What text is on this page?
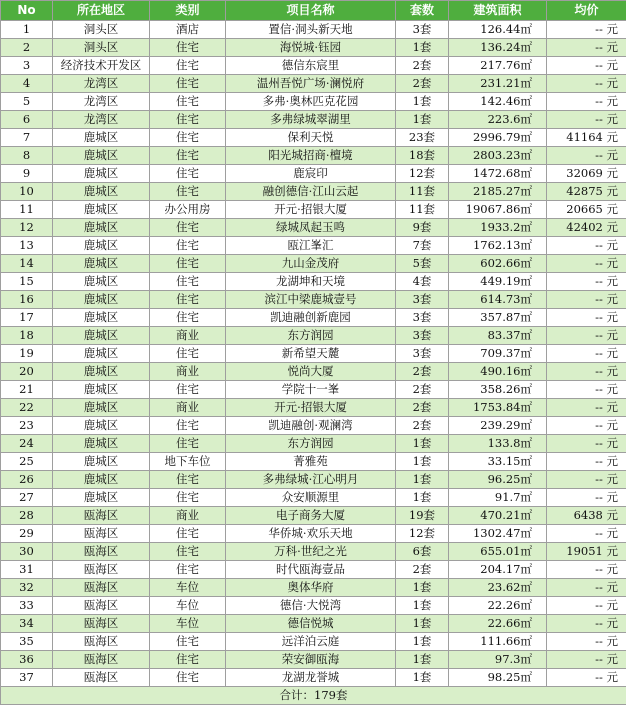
No	所在地区	类别	项目名称	套数	建筑面积	均价
1	洞头区	酒店	置信·洞头新天地	3套	126.44㎡	-- 元
2	洞头区	住宅	海悦城·钰园	1套	136.24㎡	-- 元
3	经济技术开发区	住宅	德信东宸里	2套	217.76㎡	-- 元
4	龙湾区	住宅	温州吾悦广场·澜悦府	2套	231.21㎡	-- 元
5	龙湾区	住宅	多弗·奥林匹克花园	1套	142.46㎡	-- 元
6	龙湾区	住宅	多弗绿城翠湖里	1套	223.6㎡	-- 元
7	鹿城区	住宅	保利天悦	23套	2996.79㎡	41164 元
8	鹿城区	住宅	阳光城招商·檀境	18套	2803.23㎡	-- 元
9	鹿城区	住宅	鹿宸印	12套	1472.68㎡	32069 元
10	鹿城区	住宅	融创德信·江山云起	11套	2185.27㎡	42875 元
11	鹿城区	办公用房	开元·招银大厦	11套	19067.86㎡	20665 元
12	鹿城区	住宅	绿城凤起玉鸣	9套	1933.2㎡	42402 元
13	鹿城区	住宅	瓯江峯汇	7套	1762.13㎡	-- 元
14	鹿城区	住宅	九山金茂府	5套	602.66㎡	-- 元
15	鹿城区	住宅	龙湖坤和天境	4套	449.19㎡	-- 元
16	鹿城区	住宅	滨江中梁鹿城壹号	3套	614.73㎡	-- 元
17	鹿城区	住宅	凯迪融创新鹿园	3套	357.87㎡	-- 元
18	鹿城区	商业	东方润园	3套	83.37㎡	-- 元
19	鹿城区	住宅	新希望天麓	3套	709.37㎡	-- 元
20	鹿城区	商业	悦尚大厦	2套	490.16㎡	-- 元
21	鹿城区	住宅	学院十一峯	2套	358.26㎡	-- 元
22	鹿城区	商业	开元·招银大厦	2套	1753.84㎡	-- 元
23	鹿城区	住宅	凯迪融创·观澜湾	2套	239.29㎡	-- 元
24	鹿城区	住宅	东方润园	1套	133.8㎡	-- 元
25	鹿城区	地下车位	菁雅苑	1套	33.15㎡	-- 元
26	鹿城区	住宅	多弗绿城·江心明月	1套	96.25㎡	-- 元
27	鹿城区	住宅	众安顺源里	1套	91.7㎡	-- 元
28	瓯海区	商业	电子商务大厦	19套	470.21㎡	6438 元
29	瓯海区	住宅	华侨城·欢乐天地	12套	1302.47㎡	-- 元
30	瓯海区	住宅	万科·世纪之光	6套	655.01㎡	19051 元
31	瓯海区	住宅	时代瓯海壹品	2套	204.17㎡	-- 元
32	瓯海区	车位	奥体华府	1套	23.62㎡	-- 元
33	瓯海区	车位	德信·大悦湾	1套	22.26㎡	-- 元
34	瓯海区	车位	德信悦城	1套	22.66㎡	-- 元
35	瓯海区	住宅	远洋泊云庭	1套	111.66㎡	-- 元
36	瓯海区	住宅	荣安御瓯海	1套	97.3㎡	-- 元
37	瓯海区	住宅	龙湖龙誉城	1套	98.25㎡	-- 元
合计：179套						
